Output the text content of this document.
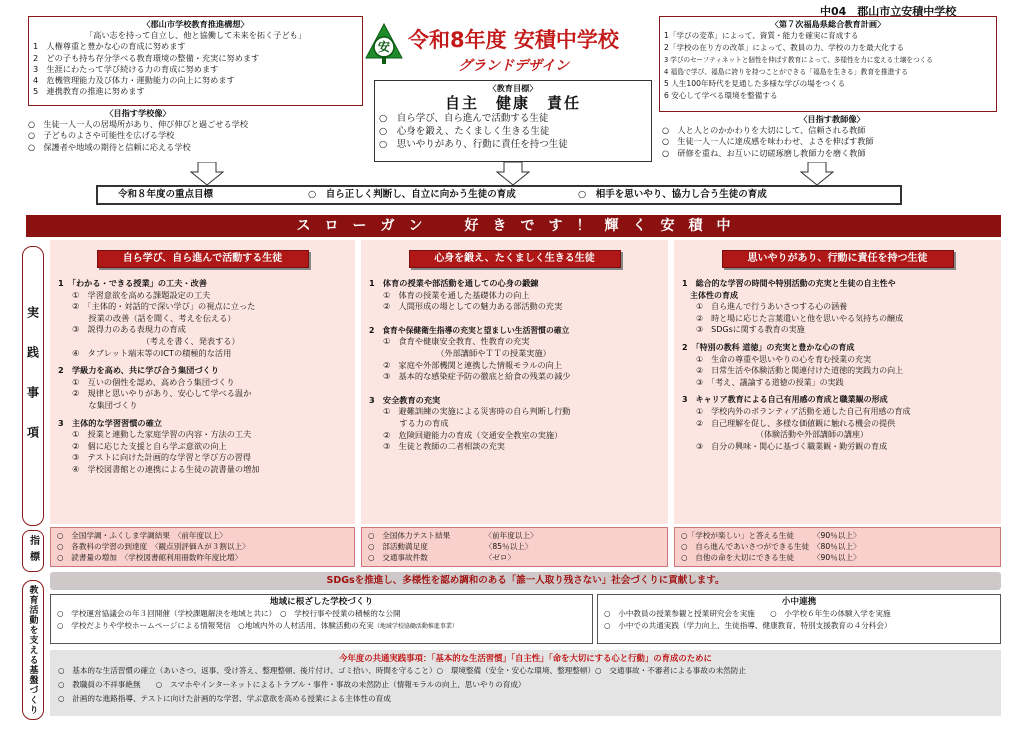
中04　郡山市立安積中学校
〈郡山市学校教育推進構想〉
「高い志を持って自立し、他と協働して未来を拓く子ども」
1　人権尊重と豊かな心の育成に努めます
2　どの子も持ち存分学べる教育環境の整備・充実に努めます
3　生涯にわたって学び続ける力の育成に努めます
4　危機管理能力及び体力・運動能力の向上に努めます
5　連携教育の推進に努めます
〈目指す学校像〉
○　生徒一人一人の居場所があり、伸び伸びと過ごせる学校
○　子どものよさや可能性を広げる学校
○　保護者や地域の期待と信頼に応える学校
安 令和8年度 安積中学校
グランドデザイン
〈教育目標〉
自主　健康　責任
○　自ら学び、自ら進んで活動する生徒
○　心身を鍛え、たくましく生きる生徒
○　思いやりがあり、行動に責任を持つ生徒
〈第７次福島県総合教育計画〉
1「学びの変革」によって、資質・能力を確実に育成する
2「学校の在り方の改革」によって、教員の力、学校の力を最大化する
3 学びのセーフティネットと個性を伸ばす教育によって、多様性を力に変える土壌をつくる
4 福島で学び、福島に誇りを持つことができる「福島を生きる」教育を推進する
5 人生100年時代を見通した多様な学びの場をつくる
6 安心して学べる環境を整備する
〈目指す教師像〉
○　人と人とのかかわりを大切にして、信頼される教師
○　生徒一人一人に達成感を味わわせ、よさを伸ばす教師
○　研修を重ね、お互いに切磋琢磨し教師力を磨く教師
令和８年度の重点目標	○　自ら正しく判断し、自立に向かう生徒の育成	○　相手を思いやり、協力し合う生徒の育成
ス　ロ　ー　ガ　ン　　　好　き　で　す　！　輝　く　安　積　中
実践事項
指標
教育活動を支える基盤づくり
自ら学び、自ら進んで活動する生徒
1　「わかる・できる授業」の工夫・改善
①　学習意欲を高める課題設定の工夫
②　「主体的・対話的で深い学び」の視点に立った
　　授業の改善（話を聞く、考えを伝える）
③　説得力のある表現力の育成
　　　　　　　　　（考えを書く、発表する）
④　タブレット端末等のICTの積極的な活用
2　学級力を高め、共に学び合う集団づくり
①　互いの個性を認め、高め合う集団づくり
②　規律と思いやりがあり、安心して学べる温か
　　な集団づくり
3　主体的な学習習慣の確立
①　授業と連動した家庭学習の内容・方法の工夫
②　個に応じた支援と自ら学ぶ意欲の向上
③　テストに向けた計画的な学習と学び方の習得
④　学校図書館との連携による生徒の読書量の増加
心身を鍛え、たくましく生きる生徒
1　体育の授業や部活動を通しての心身の鍛錬
①　体育の授業を通した基礎体力の向上
②　人間形成の場としての魅力ある部活動の充実
2　食育や保健衛生指導の充実と望ましい生活習慣の確立
①　食育や健康安全教育、性教育の充実
　　　　　　　（外部講師やＴＴの授業実施）
②　家庭や外部機関と連携した情報モラルの向上
③　基本的な感染症予防の徹底と給食の残菜の減少
3　安全教育の充実
①　避難訓練の実施による災害時の自ら判断し行動
　　する力の育成
②　危険回避能力の育成（交通安全教室の実施）
③　生徒と教師の二者相談の充実
思いやりがあり、行動に責任を持つ生徒
1　総合的な学習の時間や特別活動の充実と生徒の自主性や
　主体性の育成
①　自ら進んで行うあいさつする心の涵養
②　時と場に応じた言葉遣いと他を思いやる気持ちの醸成
③　SDGsに関する教育の実施
2　「特別の教科 道徳」の充実と豊かな心の育成
①　生命の尊重や思いやりの心を育む授業の充実
②　日常生活や体験活動と関連付けた道徳的実践力の向上
③　「考え、議論する道徳の授業」の実践
3　キャリア教育による自己有用感の育成と職業観の形成
①　学校内外のボランティア活動を通した自己有用感の育成
②　自己理解を促し、多様な価値観に触れる機会の提供
　　　　　　　　（体験活動や外部講師の講座）
③　自分の興味・関心に基づく職業観・勤労観の育成
○　全国学調・ふくしま学調結果　〈前年度以上〉
○　各教科の学習の到達度　〈観点別評価Ａが３割以上〉
○　読書量の増加　〈学校図書館利用冊数昨年度比増〉
○　全国体力テスト結果　　　　　〈前年度以上〉
○　部活動満足度　　　　　　　　〈85％以上〉
○　交通事故件数　　　　　　　　〈ゼロ〉
○「学校が楽しい」と答える生徒　　　〈90％以上〉
○　自ら進んであいさつができる生徒　〈80％以上〉
○　自他の命を大切にできる生徒　　　〈90％以上〉
SDGsを推進し、多様性を認め調和のある「誰一人取り残さない」社会づくりに貢献します。
地域に根ざした学校づくり
○　学校運営協議会の年３回開催（学校課題解決を地域と共に）　○　学校行事や授業の積極的な公開
○　学校だよりや学校ホームページによる情報発信　○地域内外の人材活用、体験活動の充実（地域学校協働活動推進事業）
小中連携
○　小中教員の授業参観と授業研究会を実施　　○　小学校６年生の体験入学を実施
○　小中での共通実践（学力向上、生徒指導、健康教育、特別支援教育の４分科会）
今年度の共通実践事項：「基本的な生活習慣」「自主性」「命を大切にする心と行動」の育成のために
○　基本的な生活習慣の確立（あいさつ、返事、受け答え、整理整頓、後片付け、ゴミ拾い、時間を守ること）○　環境整備（安全・安心な環境、整理整頓）○　交通事故・不審者による事故の未然防止
○　教職員の不祥事絶無　　○　スマホやインターネットによるトラブル・事件・事故の未然防止（情報モラルの向上、思いやりの育成）
○　計画的な進路指導、テストに向けた計画的な学習、学ぶ意欲を高める授業による主体性の育成
